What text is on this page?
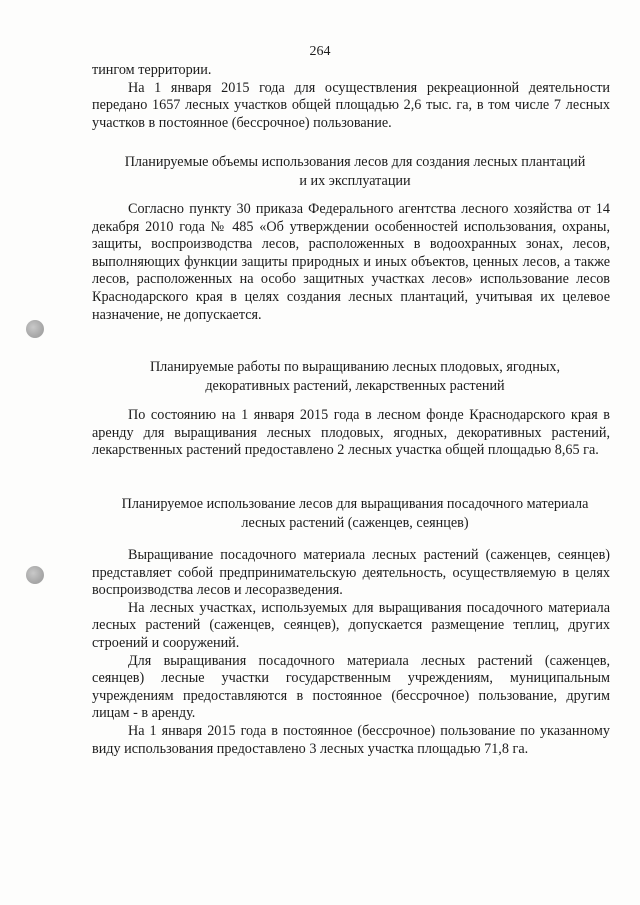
264

тингом территории.

На 1 января 2015 года для осуществления рекреационной деятельности передано 1657 лесных участков общей площадью 2,6 тыс. га, в том числе 7 лесных участков в постоянное (бессрочное) пользование.

Планируемые объемы использования лесов для создания лесных плантаций и их эксплуатации

Согласно пункту 30 приказа Федерального агентства лесного хозяйства от 14 декабря 2010 года № 485 «Об утверждении особенностей использования, охраны, защиты, воспроизводства лесов, расположенных в водоохранных зонах, лесов, выполняющих функции защиты природных и иных объектов, ценных лесов, а также лесов, расположенных на особо защитных участках лесов» использование лесов Краснодарского края в целях создания лесных плантаций, учитывая их целевое назначение, не допускается.

Планируемые работы по выращиванию лесных плодовых, ягодных, декоративных растений, лекарственных растений

По состоянию на 1 января 2015 года в лесном фонде Краснодарского края в аренду для выращивания лесных плодовых, ягодных, декоративных растений, лекарственных растений предоставлено 2 лесных участка общей площадью 8,65 га.

Планируемое использование лесов для выращивания посадочного материала лесных растений (саженцев, сеянцев)

Выращивание посадочного материала лесных растений (саженцев, сеянцев) представляет собой предпринимательскую деятельность, осуществляемую в целях воспроизводства лесов и лесоразведения.

На лесных участках, используемых для выращивания посадочного материала лесных растений (саженцев, сеянцев), допускается размещение теплиц, других строений и сооружений.

Для выращивания посадочного материала лесных растений (саженцев, сеянцев) лесные участки государственным учреждениям, муниципальным учреждениям предоставляются в постоянное (бессрочное) пользование, другим лицам - в аренду.

На 1 января 2015 года в постоянное (бессрочное) пользование по указанному виду использования предоставлено 3 лесных участка площадью 71,8 га.
